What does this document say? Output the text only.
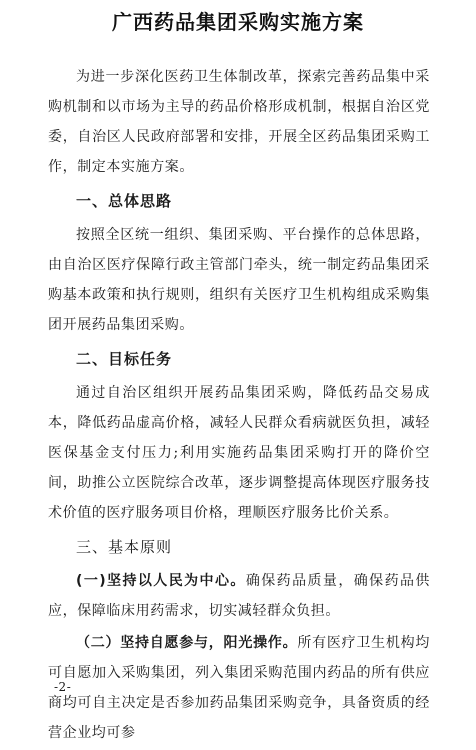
广西药品集团采购实施方案

为进一步深化医药卫生体制改革，探索完善药品集中采购机制和以市场为主导的药品价格形成机制，根据自治区党委，自治区人民政府部署和安排，开展全区药品集团采购工作，制定本实施方案。

一、总体思路

按照全区统一组织、集团采购、平台操作的总体思路，由自治区医疗保障行政主管部门牵头，统一制定药品集团采购基本政策和执行规则，组织有关医疗卫生机构组成采购集团开展药品集团采购。

二、目标任务

通过自治区组织开展药品集团采购，降低药品交易成本，降低药品虚高价格，减轻人民群众看病就医负担，减轻医保基金支付压力;利用实施药品集团采购打开的降价空间，助推公立医院综合改革，逐步调整提高体现医疗服务技术价值的医疗服务项目价格，理顺医疗服务比价关系。

三、基本原则

(一)坚持以人民为中心。确保药品质量，确保药品供应，保障临床用药需求，切实减轻群众负担。

（二）坚持自愿参与，阳光操作。所有医疗卫生机构均可自愿加入采购集团，列入集团采购范围内药品的所有供应商均可自主决定是否参加药品集团采购竞争，具备资质的经营企业均可参

-2-
